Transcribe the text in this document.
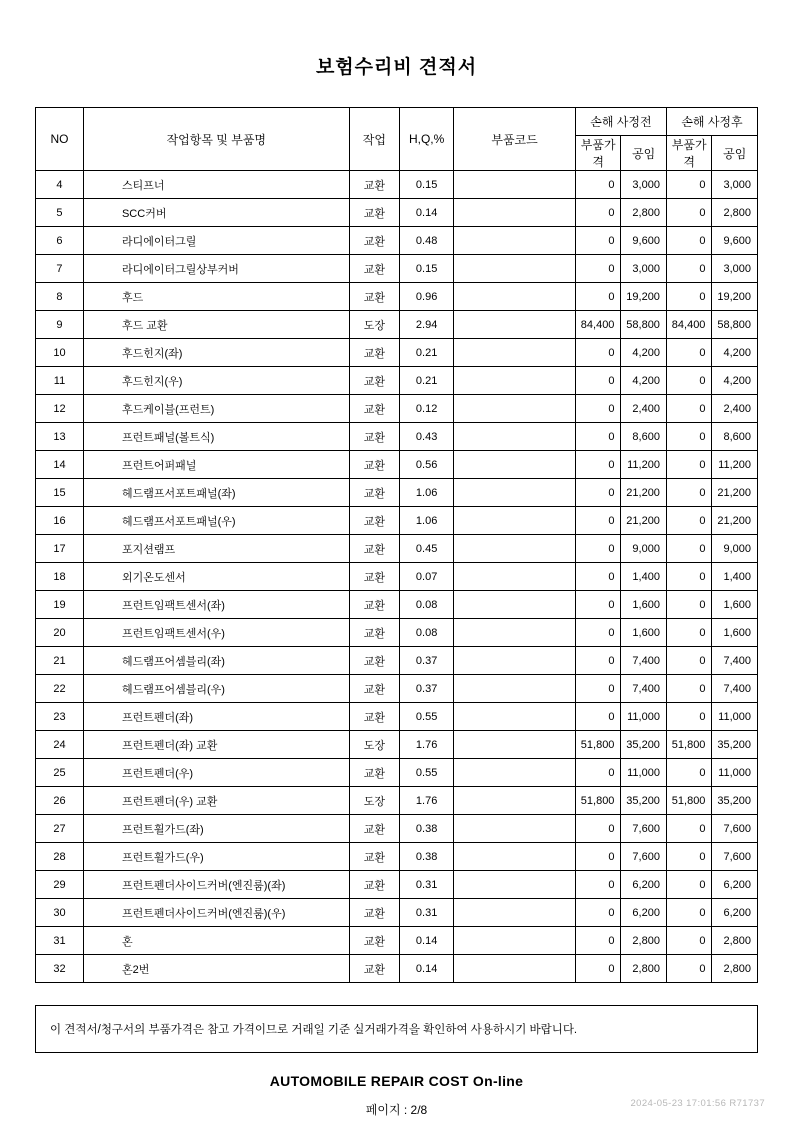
보험수리비 견적서
NO	작업항목 및 부품명	작업	H,Q,%	부품코드	손해 사정전		손해 사정후	
					부품가격	공임	부품가격	공임
4	스티프너	교환	0.15		0	3,000	0	3,000
5	SCC커버	교환	0.14		0	2,800	0	2,800
6	라디에이터그릴	교환	0.48		0	9,600	0	9,600
7	라디에이터그릴상부커버	교환	0.15		0	3,000	0	3,000
8	후드	교환	0.96		0	19,200	0	19,200
9	후드 교환	도장	2.94		84,400	58,800	84,400	58,800
10	후드힌지(좌)	교환	0.21		0	4,200	0	4,200
11	후드힌지(우)	교환	0.21		0	4,200	0	4,200
12	후드케이블(프런트)	교환	0.12		0	2,400	0	2,400
13	프런트패널(볼트식)	교환	0.43		0	8,600	0	8,600
14	프런트어퍼패널	교환	0.56		0	11,200	0	11,200
15	헤드램프서포트패널(좌)	교환	1.06		0	21,200	0	21,200
16	헤드램프서포트패널(우)	교환	1.06		0	21,200	0	21,200
17	포지션램프	교환	0.45		0	9,000	0	9,000
18	외기온도센서	교환	0.07		0	1,400	0	1,400
19	프런트임팩트센서(좌)	교환	0.08		0	1,600	0	1,600
20	프런트임팩트센서(우)	교환	0.08		0	1,600	0	1,600
21	헤드램프어셈블리(좌)	교환	0.37		0	7,400	0	7,400
22	헤드램프어셈블리(우)	교환	0.37		0	7,400	0	7,400
23	프런트펜더(좌)	교환	0.55		0	11,000	0	11,000
24	프런트펜더(좌) 교환	도장	1.76		51,800	35,200	51,800	35,200
25	프런트펜더(우)	교환	0.55		0	11,000	0	11,000
26	프런트펜더(우) 교환	도장	1.76		51,800	35,200	51,800	35,200
27	프런트휠가드(좌)	교환	0.38		0	7,600	0	7,600
28	프런트휠가드(우)	교환	0.38		0	7,600	0	7,600
29	프런트펜더사이드커버(엔진룸)(좌)	교환	0.31		0	6,200	0	6,200
30	프런트펜더사이드커버(엔진룸)(우)	교환	0.31		0	6,200	0	6,200
31	혼	교환	0.14		0	2,800	0	2,800
32	혼2번	교환	0.14		0	2,800	0	2,800
이 견적서/청구서의 부품가격은 참고 가격이므로 거래일 기준 실거래가격을 확인하여 사용하시기 바랍니다.
AUTOMOBILE REPAIR COST On-line
페이지 : 2/8	2024-05-23 17:01:56 R71737
